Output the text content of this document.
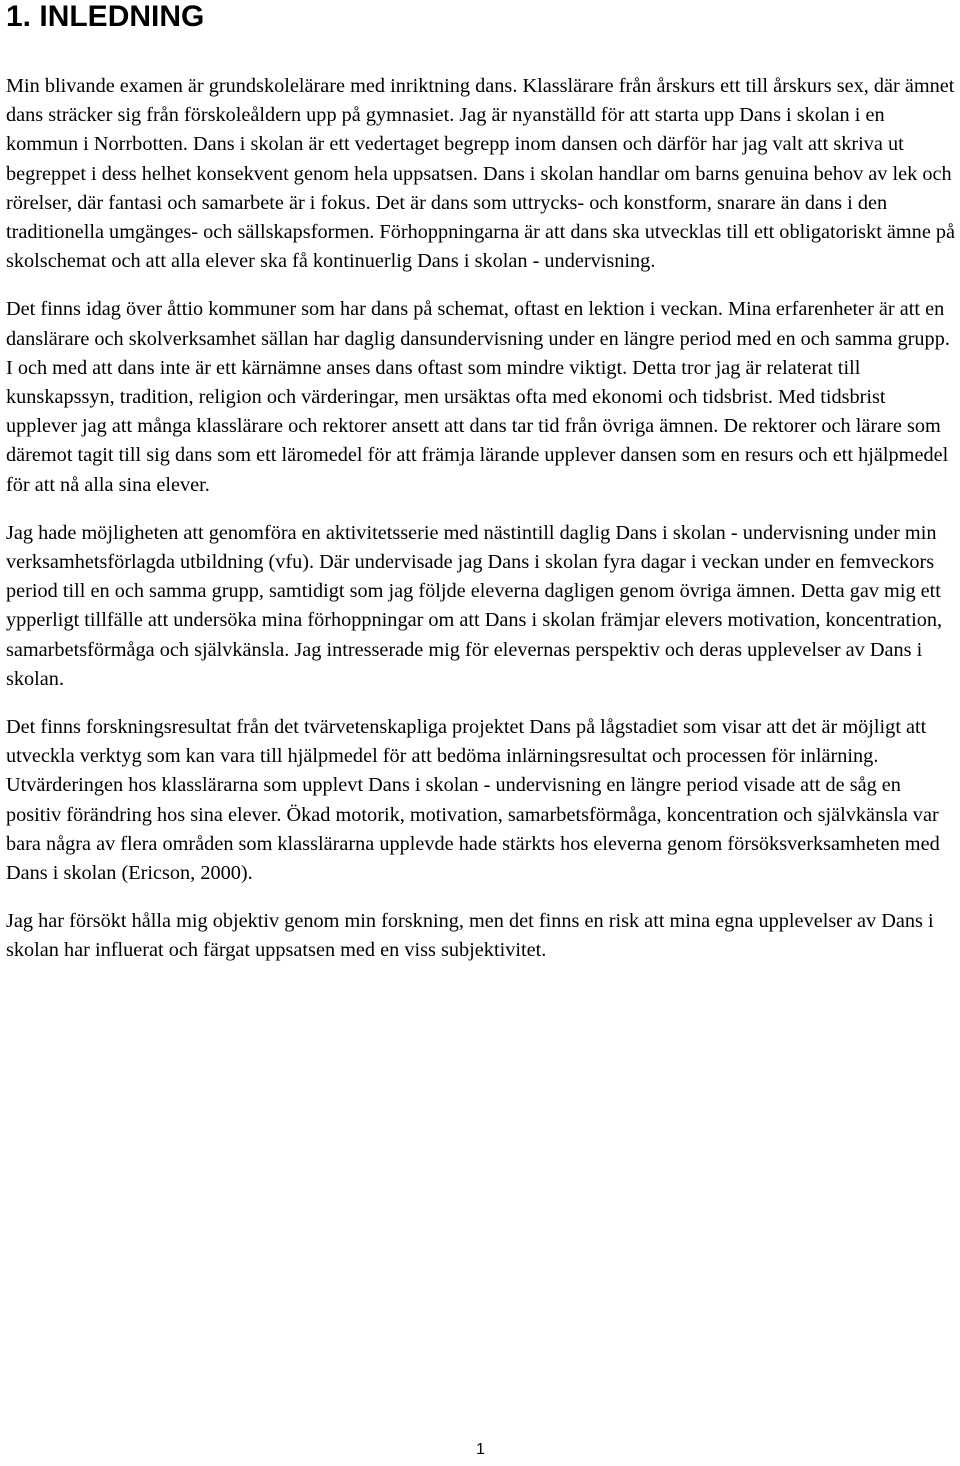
1. INLEDNING

Min blivande examen är grundskolelärare med inriktning dans. Klasslärare från årskurs ett till årskurs sex, där ämnet dans sträcker sig från förskoleåldern upp på gymnasiet. Jag är nyanställd för att starta upp Dans i skolan i en kommun i Norrbotten. Dans i skolan är ett vedertaget begrepp inom dansen och därför har jag valt att skriva ut begreppet i dess helhet konsekvent genom hela uppsatsen. Dans i skolan handlar om barns genuina behov av lek och rörelser, där fantasi och samarbete är i fokus. Det är dans som uttrycks- och konstform, snarare än dans i den traditionella umgänges- och sällskapsformen. Förhoppningarna är att dans ska utvecklas till ett obligatoriskt ämne på skolschemat och att alla elever ska få kontinuerlig Dans i skolan - undervisning.

Det finns idag över åttio kommuner som har dans på schemat, oftast en lektion i veckan. Mina erfarenheter är att en danslärare och skolverksamhet sällan har daglig dansundervisning under en längre period med en och samma grupp. I och med att dans inte är ett kärnämne anses dans oftast som mindre viktigt. Detta tror jag är relaterat till kunskapssyn, tradition, religion och värderingar, men ursäktas ofta med ekonomi och tidsbrist. Med tidsbrist upplever jag att många klasslärare och rektorer ansett att dans tar tid från övriga ämnen. De rektorer och lärare som däremot tagit till sig dans som ett läromedel för att främja lärande upplever dansen som en resurs och ett hjälpmedel för att nå alla sina elever.

Jag hade möjligheten att genomföra en aktivitetsserie med nästintill daglig Dans i skolan - undervisning under min verksamhetsförlagda utbildning (vfu). Där undervisade jag Dans i skolan fyra dagar i veckan under en femveckors period till en och samma grupp, samtidigt som jag följde eleverna dagligen genom övriga ämnen. Detta gav mig ett ypperligt tillfälle att undersöka mina förhoppningar om att Dans i skolan främjar elevers motivation, koncentration, samarbetsförmåga och självkänsla. Jag intresserade mig för elevernas perspektiv och deras upplevelser av Dans i skolan.

Det finns forskningsresultat från det tvärvetenskapliga projektet Dans på lågstadiet som visar att det är möjligt att utveckla verktyg som kan vara till hjälpmedel för att bedöma inlärningsresultat och processen för inlärning. Utvärderingen hos klasslärarna som upplevt Dans i skolan - undervisning en längre period visade att de såg en positiv förändring hos sina elever. Ökad motorik, motivation, samarbetsförmåga, koncentration och självkänsla var bara några av flera områden som klasslärarna upplevde hade stärkts hos eleverna genom försöksverksamheten med Dans i skolan (Ericson, 2000).

Jag har försökt hålla mig objektiv genom min forskning, men det finns en risk att mina egna upplevelser av Dans i skolan har influerat och färgat uppsatsen med en viss subjektivitet.

1
